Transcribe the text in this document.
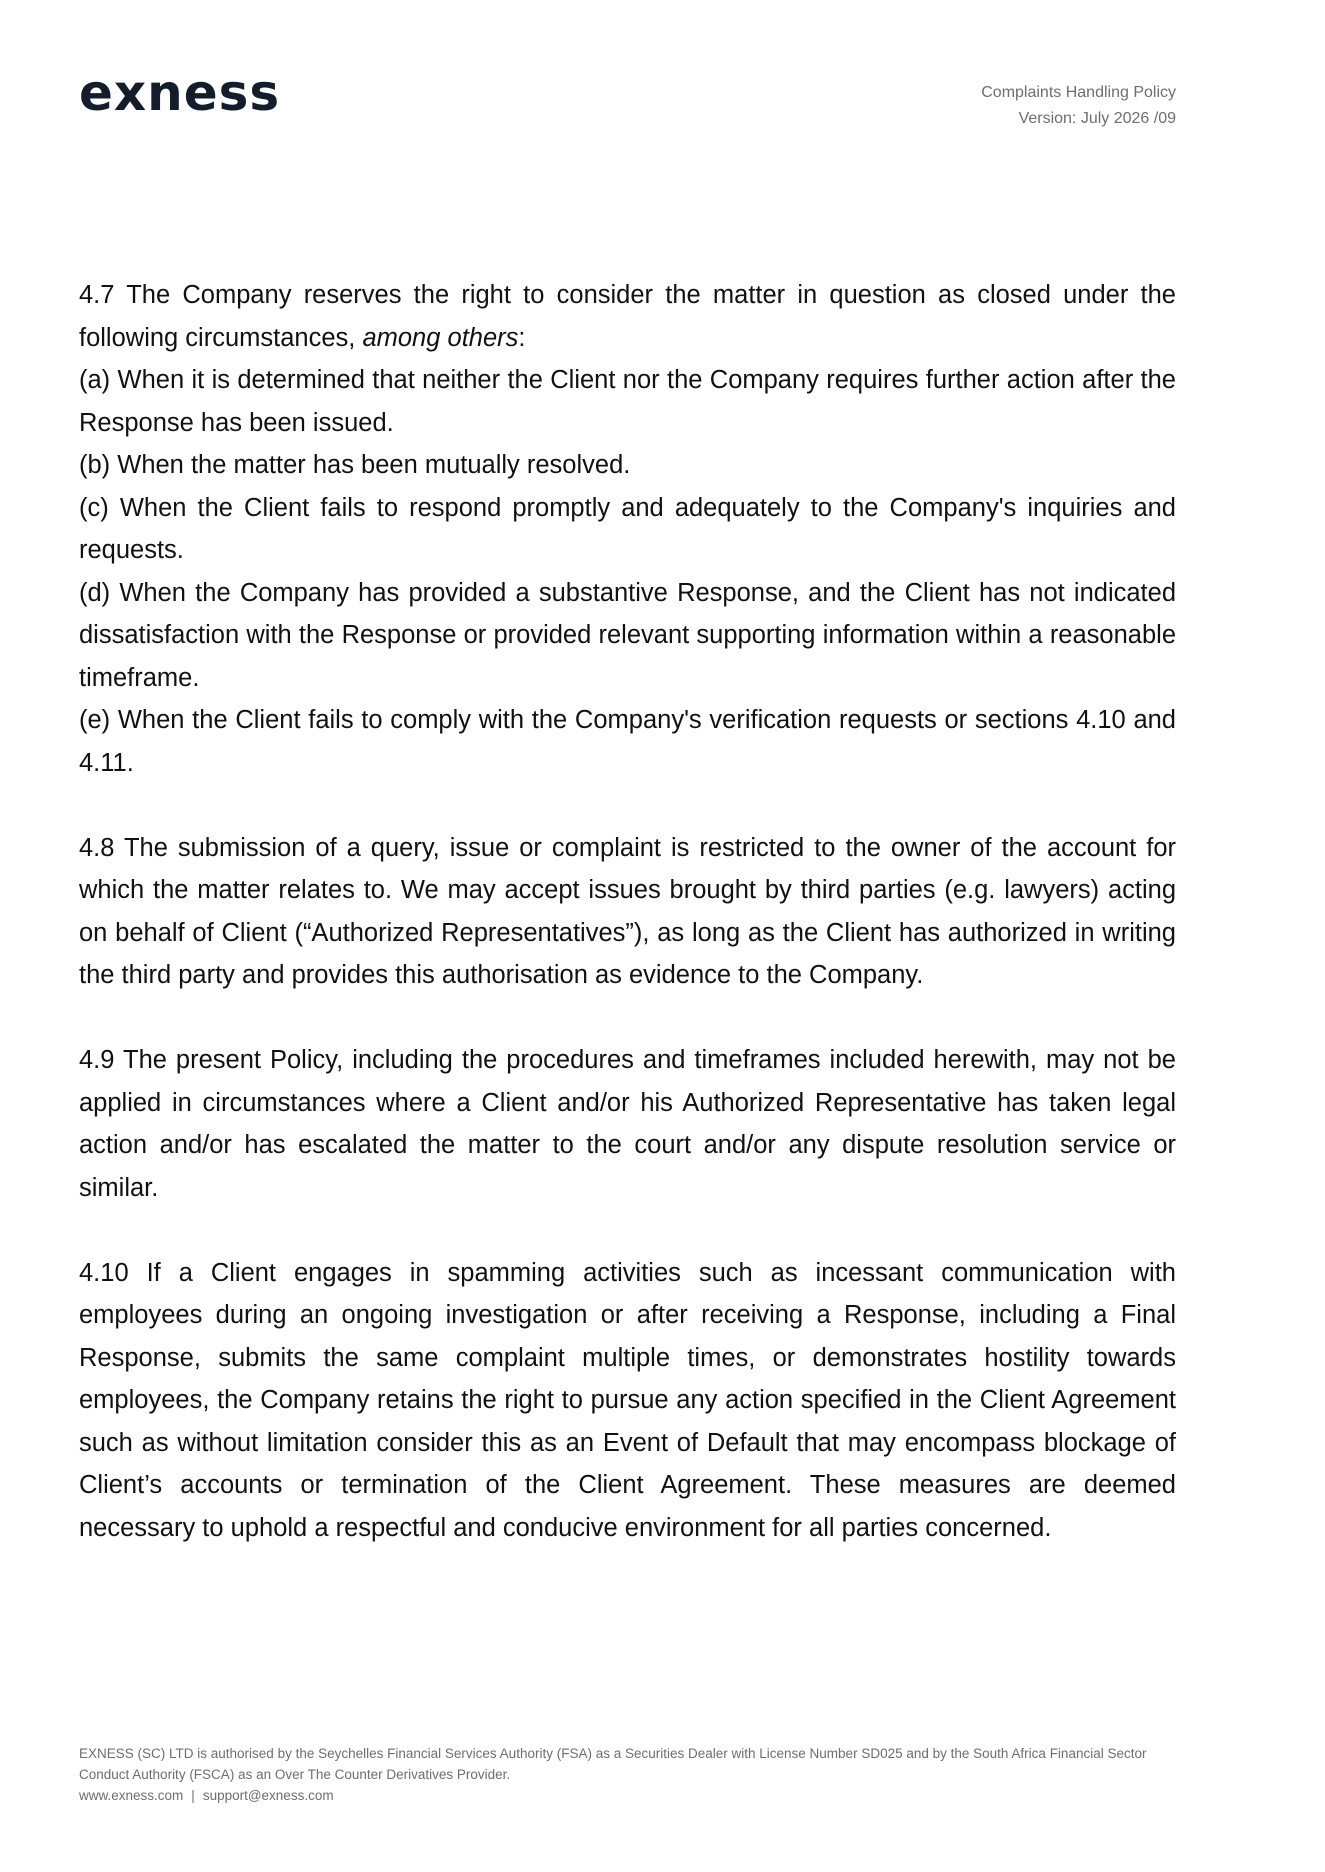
exness	Complaints Handling Policy
Version: July 2026 /09

4.7 The Company reserves the right to consider the matter in question as closed under the following circumstances, among others:

(a) When it is determined that neither the Client nor the Company requires further action after the Response has been issued.

(b) When the matter has been mutually resolved.

(c) When the Client fails to respond promptly and adequately to the Company's inquiries and requests.

(d) When the Company has provided a substantive Response, and the Client has not indicated dissatisfaction with the Response or provided relevant supporting information within a reasonable timeframe.

(e) When the Client fails to comply with the Company's verification requests or sections 4.10 and 4.11.

4.8 The submission of a query, issue or complaint is restricted to the owner of the account for which the matter relates to. We may accept issues brought by third parties (e.g. lawyers) acting on behalf of Client (“Authorized Representatives”), as long as the Client has authorized in writing the third party and provides this authorisation as evidence to the Company.

4.9 The present Policy, including the procedures and timeframes included herewith, may not be applied in circumstances where a Client and/or his Authorized Representative has taken legal action and/or has escalated the matter to the court and/or any dispute resolution service or similar.

4.10 If a Client engages in spamming activities such as incessant communication with employees during an ongoing investigation or after receiving a Response, including a Final Response, submits the same complaint multiple times, or demonstrates hostility towards employees, the Company retains the right to pursue any action specified in the Client Agreement such as without limitation consider this as an Event of Default that may encompass blockage of Client’s accounts or termination of the Client Agreement. These measures are deemed necessary to uphold a respectful and conducive environment for all parties concerned.

EXNESS (SC) LTD is authorised by the Seychelles Financial Services Authority (FSA) as a Securities Dealer with License Number SD025 and by the South Africa Financial Sector Conduct Authority (FSCA) as an Over The Counter Derivatives Provider.
www.exness.com | support@exness.com
